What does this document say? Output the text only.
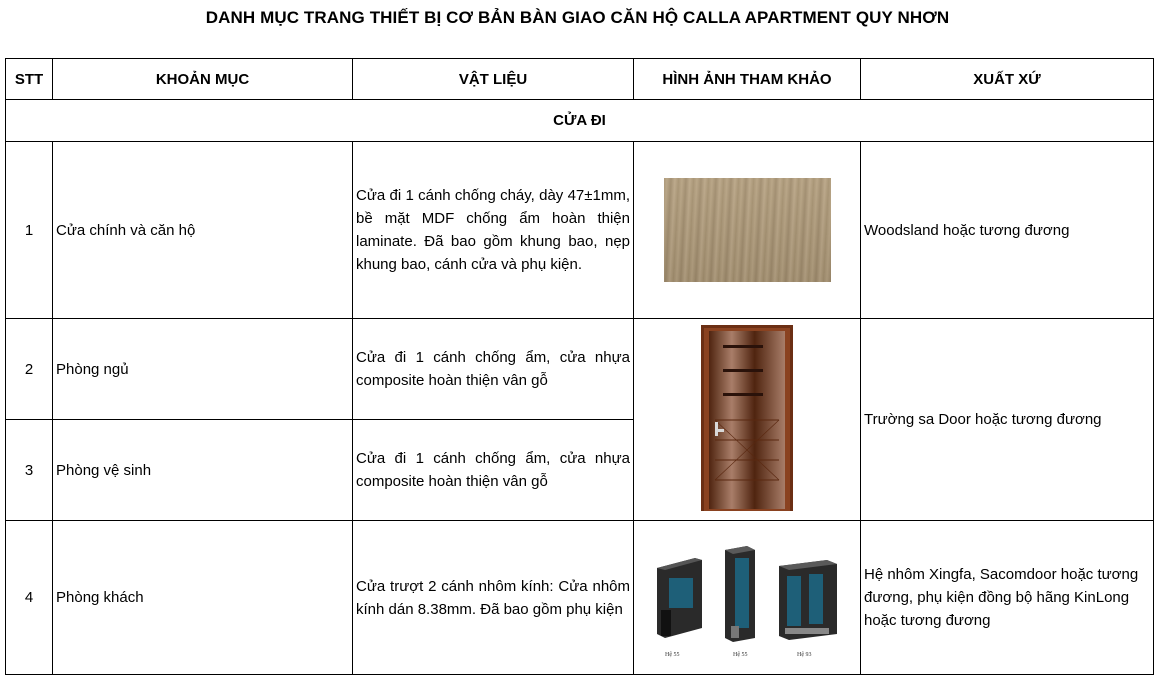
DANH MỤC TRANG THIẾT BỊ CƠ BẢN BÀN GIAO CĂN HỘ CALLA APARTMENT QUY NHƠN
STT	KHOẢN MỤC	VẬT LIỆU	HÌNH ẢNH THAM KHẢO	XUẤT XỨ
CỬA ĐI				
1	Cửa chính và căn hộ	Cửa đi 1 cánh chống cháy, dày 47±1mm, bề mặt MDF chống ẩm hoàn thiện laminate. Đã bao gồm khung bao, nẹp khung bao, cánh cửa và phụ kiện.		Woodsland hoặc tương đương
2	Phòng ngủ	Cửa đi 1 cánh chống ẩm, cửa nhựa composite hoàn thiện vân gỗ		Trường sa Door hoặc tương đương
3	Phòng vệ sinh	Cửa đi 1 cánh chống ẩm, cửa nhựa composite hoàn thiện vân gỗ		
4	Phòng khách	Cửa trượt 2 cánh nhôm kính: Cửa nhôm kính dán 8.38mm. Đã bao gồm phụ kiện	Hệ 55 Hệ 55 Hệ 93	Hệ nhôm Xingfa, Sacomdoor hoặc tương đương, phụ kiện đồng bộ hãng KinLong hoặc tương đương
